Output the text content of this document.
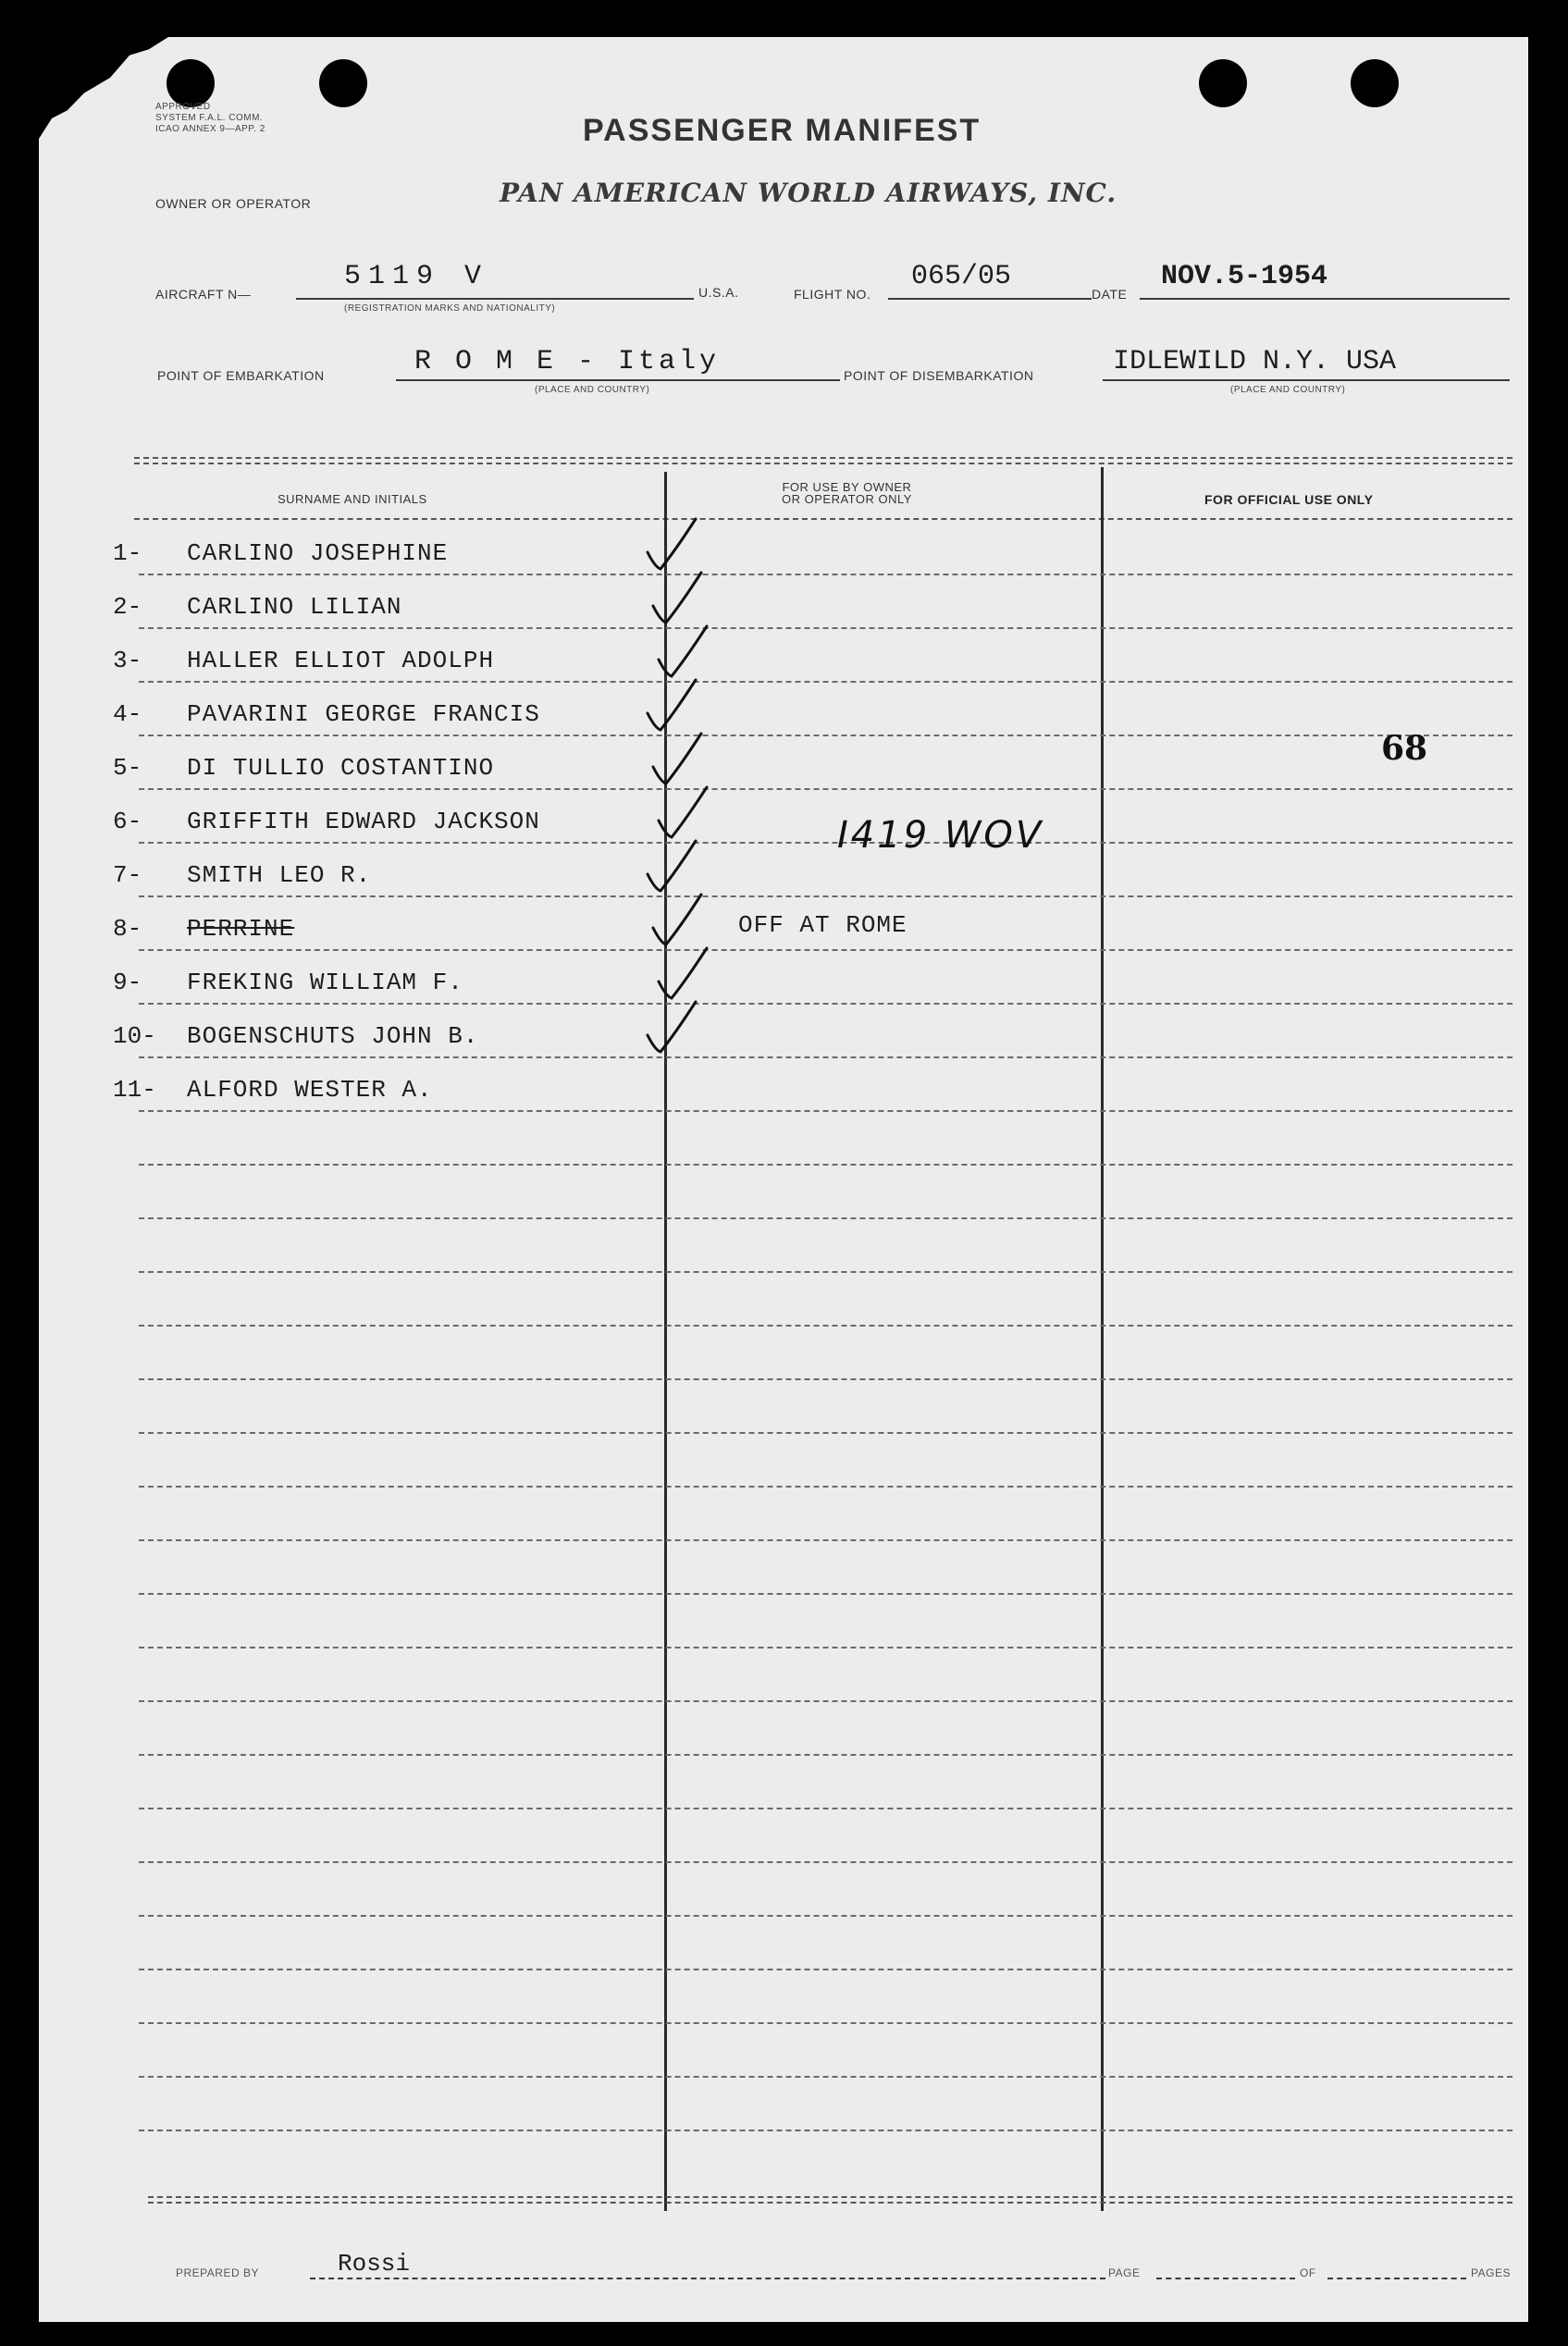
APPROVED
SYSTEM F.A.L. COMM.
ICAO ANNEX 9—APP. 2	PASSENGER MANIFEST
OWNER OR OPERATOR	PAN AMERICAN WORLD AIRWAYS, INC.
AIRCRAFT N—
5119 V
(REGISTRATION MARKS AND NATIONALITY)
U.S.A.	FLIGHT NO.
065/05
DATE
NOV.5-1954
POINT OF EMBARKATION	R O M E - Italy
(PLACE AND COUNTRY)
POINT OF DISEMBARKATION	IDLEWILD N.Y. USA
(PLACE AND COUNTRY)
SURNAME AND INITIALS
FOR USE BY OWNER
OR OPERATOR ONLY	FOR OFFICIAL USE ONLY
1- CARLINO JOSEPHINE
2- CARLINO LILIAN
3- HALLER ELLIOT ADOLPH
4- PAVARINI GEORGE FRANCIS
5- DI TULLIO COSTANTINO
6- GRIFFITH EDWARD JACKSON
7- SMITH LEO R.
8- PERRINE	OFF AT ROME
9- FREKING WILLIAM F.
10- BOGENSCHUTS JOHN B.
11- ALFORD WESTER A.
I419 WOV
68
PREPARED BY	Rossi	PAGE	OF	PAGES
